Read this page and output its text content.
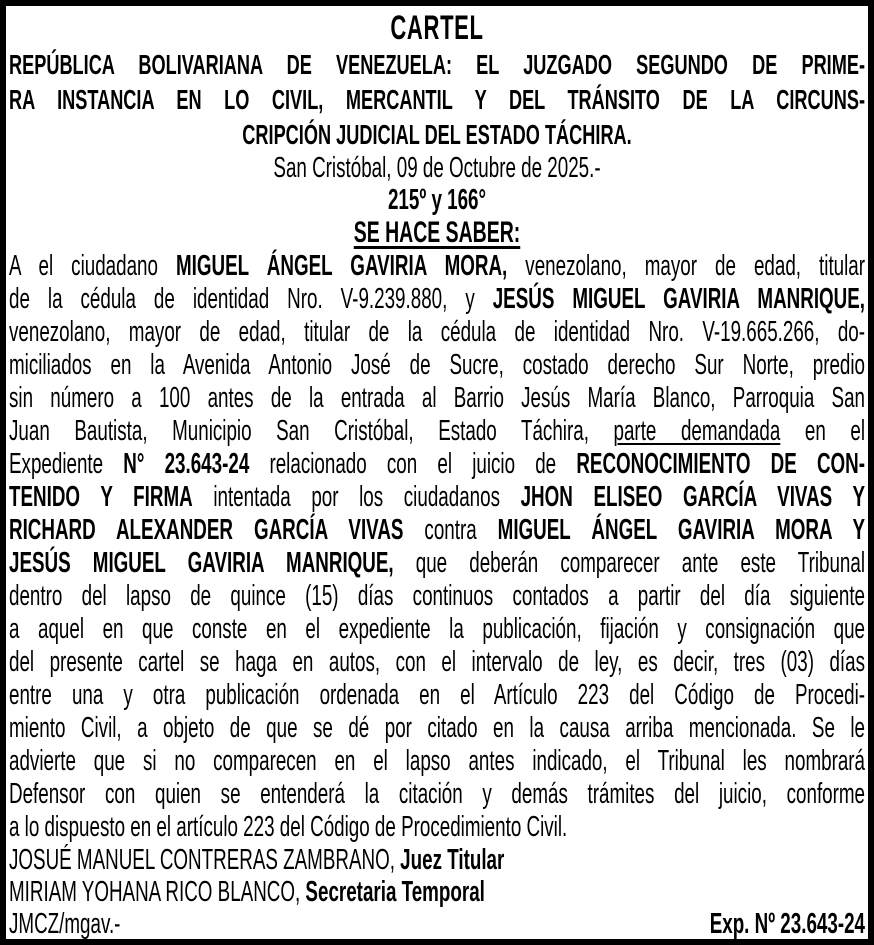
CARTEL
REPÚBLICA BOLIVARIANA DE VENEZUELA: EL JUZGADO SEGUNDO DE PRIME-
RA INSTANCIA EN LO CIVIL, MERCANTIL Y DEL TRÁNSITO DE LA CIRCUNS-
CRIPCIÓN JUDICIAL DEL ESTADO TÁCHIRA.
San Cristóbal, 09 de Octubre de 2025.-
215º y 166°
SE HACE SABER:
A el ciudadano MIGUEL ÁNGEL GAVIRIA MORA, venezolano, mayor de edad, titular
de la cédula de identidad Nro. V-9.239.880, y JESÚS MIGUEL GAVIRIA MANRIQUE,
venezolano, mayor de edad, titular de la cédula de identidad Nro. V-19.665.266, do-
miciliados en la Avenida Antonio José de Sucre, costado derecho Sur Norte, predio
sin número a 100 antes de la entrada al Barrio Jesús María Blanco, Parroquia San
Juan Bautista, Municipio San Cristóbal, Estado Táchira, parte demandada en el
Expediente N° 23.643-24 relacionado con el juicio de RECONOCIMIENTO DE CON-
TENIDO Y FIRMA intentada por los ciudadanos JHON ELISEO GARCÍA VIVAS Y
RICHARD ALEXANDER GARCÍA VIVAS contra MIGUEL ÁNGEL GAVIRIA MORA Y
JESÚS MIGUEL GAVIRIA MANRIQUE, que deberán comparecer ante este Tribunal
dentro del lapso de quince (15) días continuos contados a partir del día siguiente
a aquel en que conste en el expediente la publicación, fijación y consignación que
del presente cartel se haga en autos, con el intervalo de ley, es decir, tres (03) días
entre una y otra publicación ordenada en el Artículo 223 del Código de Procedi-
miento Civil, a objeto de que se dé por citado en la causa arriba mencionada. Se le
advierte que si no comparecen en el lapso antes indicado, el Tribunal les nombrará
Defensor con quien se entenderá la citación y demás trámites del juicio, conforme
a lo dispuesto en el artículo 223 del Código de Procedimiento Civil.
JOSUÉ MANUEL CONTRERAS ZAMBRANO, Juez Titular
MIRIAM YOHANA RICO BLANCO, Secretaria Temporal
JMCZ/mgav.-	Exp. Nº 23.643-24
